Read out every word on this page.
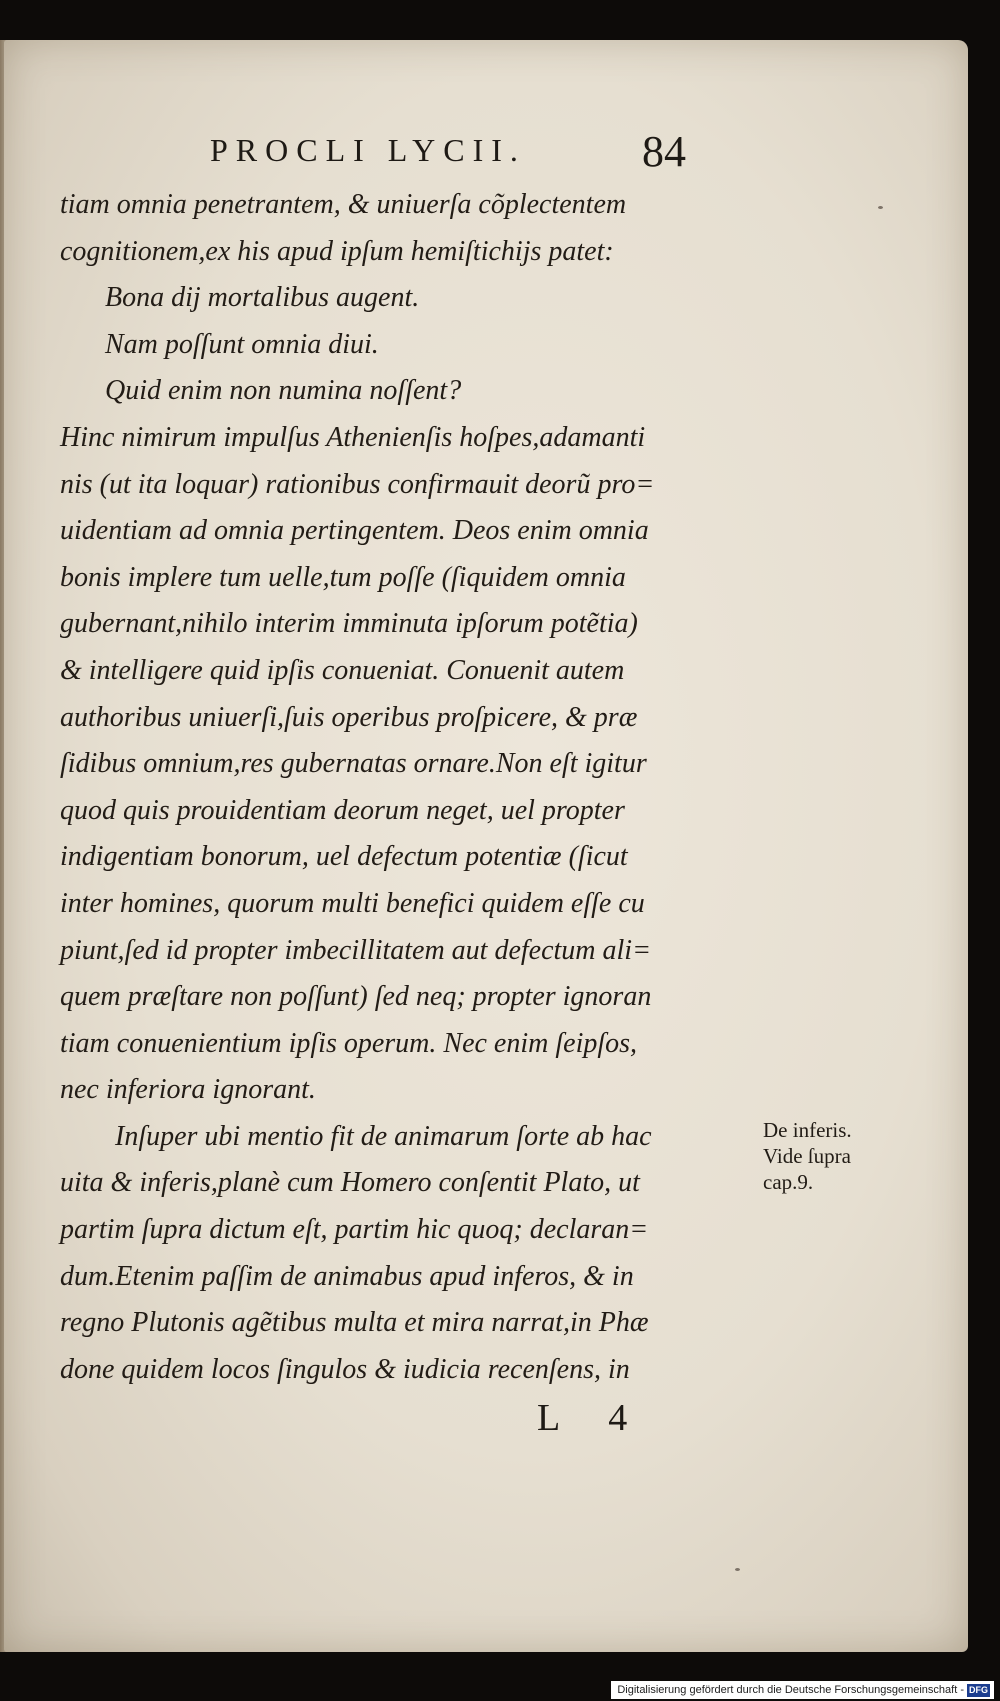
PROCLI LYCII.	84
tiam omnia penetrantem, & uniuerſa cõplectentem
cognitionem,ex his apud ipſum hemiſtichijs patet:
Bona dij mortalibus augent.
Nam poſſunt omnia diui.
Quid enim non numina noſſent?
Hinc nimirum impulſus Athenienſis hoſpes,adamanti
nis (ut ita loquar) rationibus confirmauit deorũ pro=
uidentiam ad omnia pertingentem. Deos enim omnia
bonis implere tum uelle,tum poſſe (ſiquidem omnia
gubernant,nihilo interim imminuta ipſorum potẽtia)
& intelligere quid ipſis conueniat. Conuenit autem
authoribus uniuerſi,ſuis operibus proſpicere, & præ
ſidibus omnium,res gubernatas ornare.Non eſt igitur
quod quis prouidentiam deorum neget, uel propter
indigentiam bonorum, uel defectum potentiæ (ſicut
inter homines, quorum multi benefici quidem eſſe cu
piunt,ſed id propter imbecillitatem aut defectum ali=
quem præſtare non poſſunt) ſed neq; propter ignoran
tiam conuenientium ipſis operum. Nec enim ſeipſos,
nec inferiora ignorant.
Inſuper ubi mentio fit de animarum ſorte ab hac
uita & inferis,planè cum Homero conſentit Plato, ut
partim ſupra dictum eſt, partim hic quoq; declaran=
dum.Etenim paſſim de animabus apud inferos, & in
regno Plutonis agẽtibus multa et mira narrat,in Phæ
done quidem locos ſingulos & iudicia recenſens, in
De inferis.
Vide ſupra
cap.9.
L 4
Digitalisierung gefördert durch die Deutsche Forschungsgemeinschaft - DFG
